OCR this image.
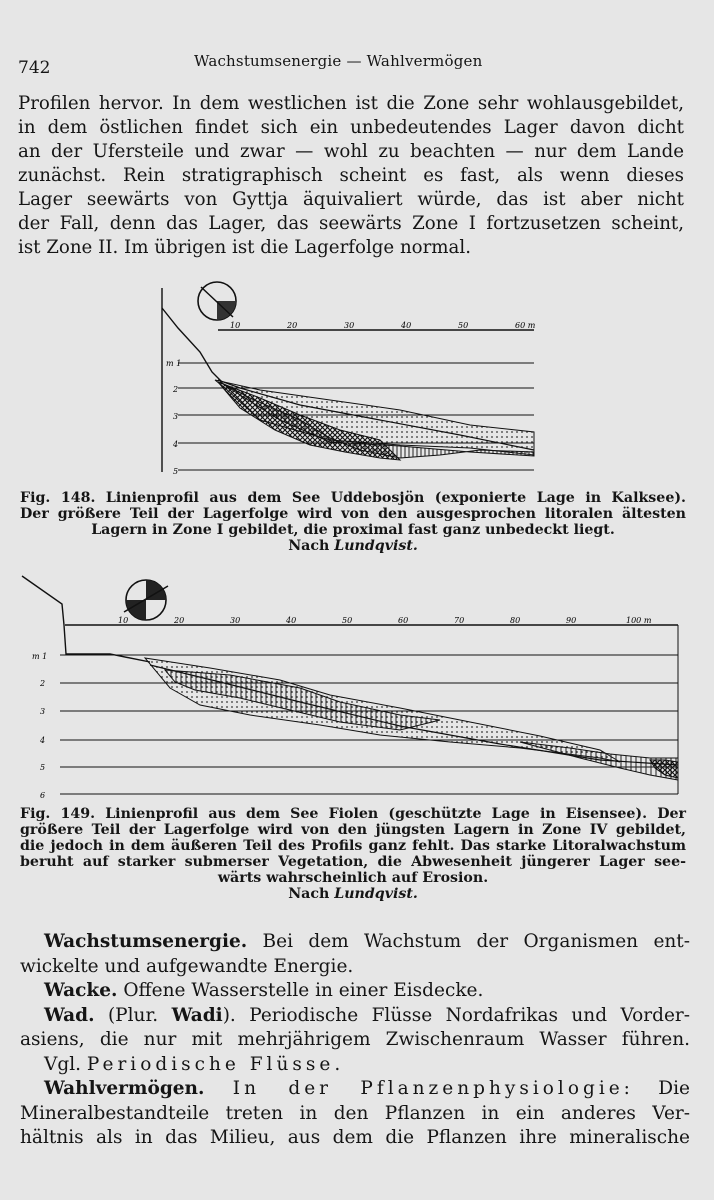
742	Wachstumsenergie — Wahlvermögen
Profilen hervor. In dem westlichen ist die Zone sehr wohlausgebildet,
in dem östlichen findet sich ein unbedeutendes Lager davon dicht
an der Ufersteile und zwar — wohl zu beachten — nur dem Lande
zunächst. Rein stratigraphisch scheint es fast, als wenn dieses
Lager seewärts von Gyttja äquivaliert würde, das ist aber nicht
der Fall, denn das Lager, das seewärts Zone I fortzusetzen scheint,
ist Zone II. Im übrigen ist die Lagerfolge normal.
m 1
2
3
4
5
10	20	30	40	50	60 m
Fig. 148. Linienprofil aus dem See Uddebosjön (exponierte Lage in Kalksee).
Der größere Teil der Lagerfolge wird von den ausgesprochen litoralen ältesten
Lagern in Zone I gebildet, die proximal fast ganz unbedeckt liegt.
Nach Lundqvist.
m 1
2
3
4
5
6
10	20	30	40	50	60	70	80	90	100 m
Fig. 149. Linienprofil aus dem See Fiolen (geschützte Lage in Eisensee). Der
größere Teil der Lagerfolge wird von den jüngsten Lagern in Zone IV gebildet,
die jedoch in dem äußeren Teil des Profils ganz fehlt. Das starke Litoralwachstum
beruht auf starker submerser Vegetation, die Abwesenheit jüngerer Lager see-
wärts wahrscheinlich auf Erosion.
Nach Lundqvist.

Wachstumsenergie. Bei dem Wachstum der Organismen ent-
wickelte und aufgewandte Energie.

Wacke. Offene Wasserstelle in einer Eisdecke.

Wad. (Plur. Wadi). Periodische Flüsse Nordafrikas und Vorder-
asiens, die nur mit mehrjährigem Zwischenraum Wasser führen.
Vgl. Periodische Flüsse.

Wahlvermögen. In der Pflanzenphysiologie: Die
Mineralbestandteile treten in den Pflanzen in ein anderes Ver-
hältnis als in das Milieu, aus dem die Pflanzen ihre mineralische
